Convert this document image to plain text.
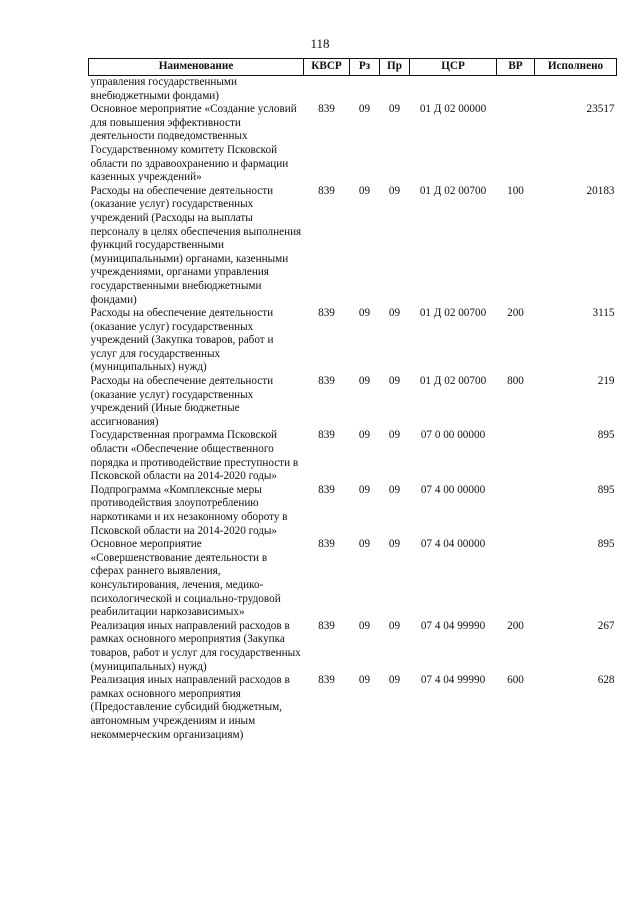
118
Наименование	КВСР	Рз	Пр	ЦСР	ВР	Исполнено
управления государственными внебюджетными фондами)						
Основное мероприятие «Создание условий для повышения эффективности деятельности подведомственных Государственному комитету Псковской области по здравоохранению и фармации казенных учреждений»	839	09	09	01 Д 02 00000		23517
Расходы на обеспечение деятельности (оказание услуг) государственных учреждений (Расходы на выплаты персоналу в целях обеспечения выполнения функций государственными (муниципальными) органами, казенными учреждениями, органами управления государственными внебюджетными фондами)	839	09	09	01 Д 02 00700	100	20183
Расходы на обеспечение деятельности (оказание услуг) государственных учреждений (Закупка товаров, работ и услуг для государственных (муниципальных) нужд)	839	09	09	01 Д 02 00700	200	3115
Расходы на обеспечение деятельности (оказание услуг) государственных учреждений (Иные бюджетные ассигнования)	839	09	09	01 Д 02 00700	800	219
Государственная программа Псковской области «Обеспечение общественного порядка и противодействие преступности в Псковской области на 2014-2020 годы»	839	09	09	07 0 00 00000		895
Подпрограмма «Комплексные меры противодействия злоупотреблению наркотиками и их незаконному обороту в Псковской области на 2014-2020 годы»	839	09	09	07 4 00 00000		895
Основное мероприятие «Совершенствование деятельности в сферах раннего выявления, консультирования, лечения, медико-психологической и социально-трудовой реабилитации наркозависимых»	839	09	09	07 4 04 00000		895
Реализация иных направлений расходов в рамках основного мероприятия (Закупка товаров, работ и услуг для государственных (муниципальных) нужд)	839	09	09	07 4 04 99990	200	267
Реализация иных направлений расходов в рамках основного мероприятия (Предоставление субсидий бюджетным, автономным учреждениям и иным некоммерческим организациям)	839	09	09	07 4 04 99990	600	628
